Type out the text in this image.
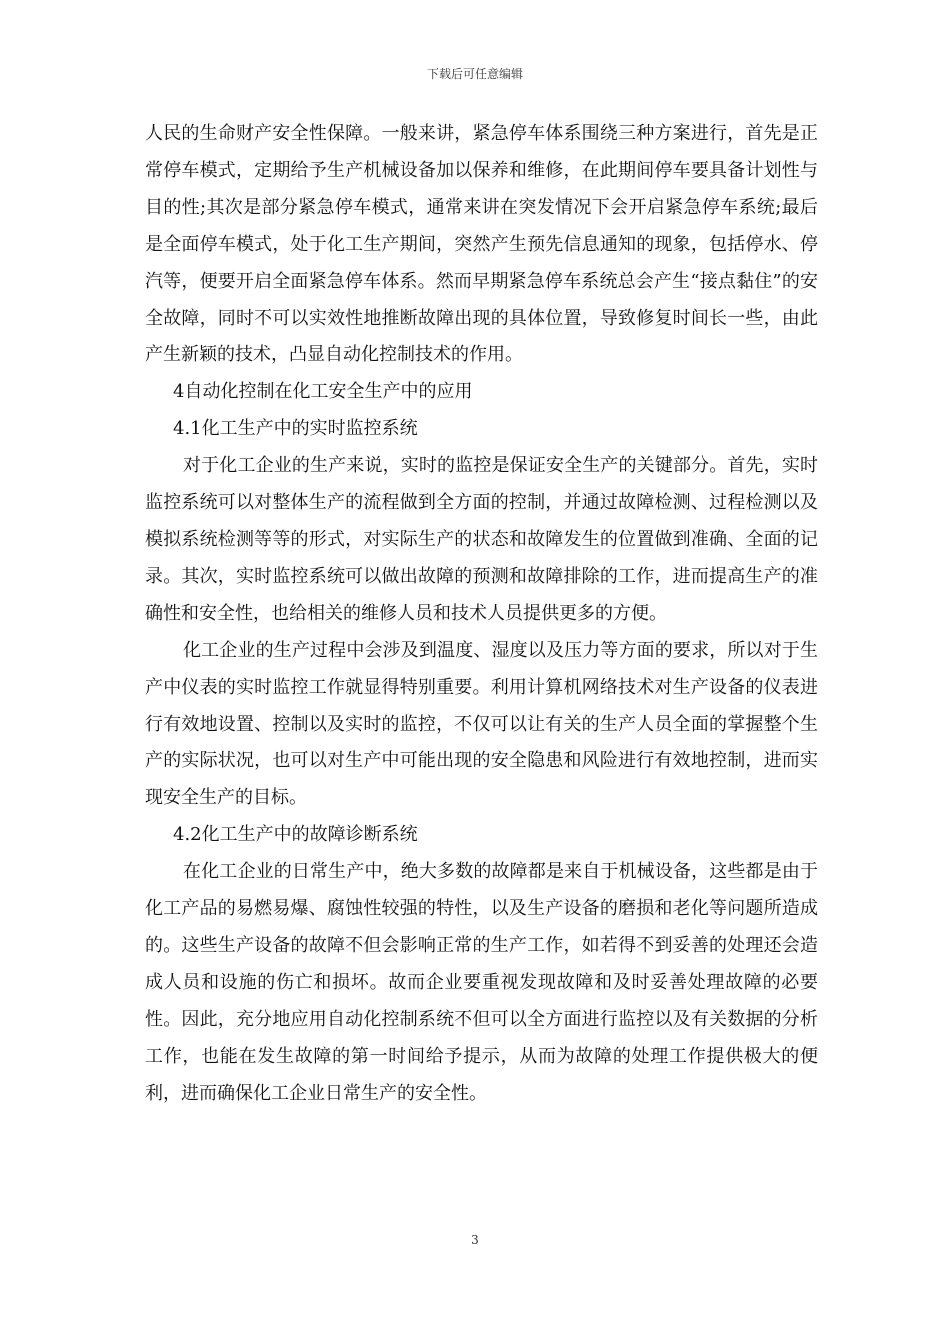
下载后可任意编辑

人民的生命财产安全性保障。一般来讲，紧急停车体系围绕三种方案进行，首先是正常停车模式，定期给予生产机械设备加以保养和维修，在此期间停车要具备计划性与目的性;其次是部分紧急停车模式，通常来讲在突发情况下会开启紧急停车系统;最后是全面停车模式，处于化工生产期间，突然产生预先信息通知的现象，包括停水、停汽等，便要开启全面紧急停车体系。然而早期紧急停车系统总会产生“接点黏住”的安全故障，同时不可以实效性地推断故障出现的具体位置，导致修复时间长一些，由此产生新颖的技术，凸显自动化控制技术的作用。

4自动化控制在化工安全生产中的应用

4.1化工生产中的实时监控系统

对于化工企业的生产来说，实时的监控是保证安全生产的关键部分。首先，实时监控系统可以对整体生产的流程做到全方面的控制，并通过故障检测、过程检测以及模拟系统检测等等的形式，对实际生产的状态和故障发生的位置做到准确、全面的记录。其次，实时监控系统可以做出故障的预测和故障排除的工作，进而提高生产的准确性和安全性，也给相关的维修人员和技术人员提供更多的方便。

化工企业的生产过程中会涉及到温度、湿度以及压力等方面的要求，所以对于生产中仪表的实时监控工作就显得特别重要。利用计算机网络技术对生产设备的仪表进行有效地设置、控制以及实时的监控，不仅可以让有关的生产人员全面的掌握整个生产的实际状况，也可以对生产中可能出现的安全隐患和风险进行有效地控制，进而实现安全生产的目标。

4.2化工生产中的故障诊断系统

在化工企业的日常生产中，绝大多数的故障都是来自于机械设备，这些都是由于化工产品的易燃易爆、腐蚀性较强的特性，以及生产设备的磨损和老化等问题所造成的。这些生产设备的故障不但会影响正常的生产工作，如若得不到妥善的处理还会造成人员和设施的伤亡和损坏。故而企业要重视发现故障和及时妥善处理故障的必要性。因此，充分地应用自动化控制系统不但可以全方面进行监控以及有关数据的分析工作，也能在发生故障的第一时间给予提示，从而为故障的处理工作提供极大的便利，进而确保化工企业日常生产的安全性。

3
